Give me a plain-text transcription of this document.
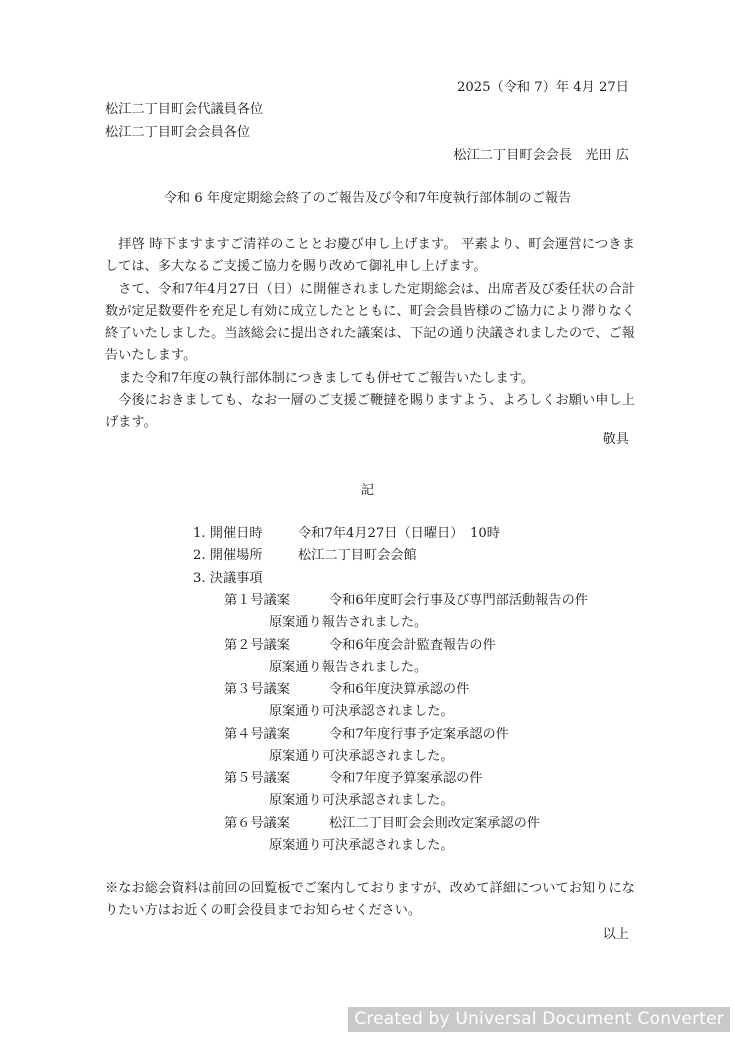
2025（令和 7）年 4月 27日
松江二丁目町会代議員各位
松江二丁目町会会員各位
松江二丁目町会会長　光田 広
令和 6 年度定期総会終了のご報告及び令和7年度執行部体制のご報告

拝啓 時下ますますご清祥のこととお慶び申し上げます。 平素より、町会運営につきましては、多大なるご支援ご協力を賜り改めて御礼申し上げます。

さて、令和7年4月27日（日）に開催されました定期総会は、出席者及び委任状の合計数が定足数要件を充足し有効に成立したとともに、町会会員皆様のご協力により滞りなく終了いたしました。当該総会に提出された議案は、下記の通り決議されましたので、ご報告いたします。

また令和7年度の執行部体制につきましても併せてご報告いたします。

今後におきましても、なお一層のご支援ご鞭撻を賜りますよう、よろしくお願い申し上げます。

敬具
記
1. 開催日時	令和7年4月27日（日曜日）　10時
2. 開催場所	松江二丁目町会会館
3. 決議事項
第１号議案	令和6年度町会行事及び専門部活動報告の件
原案通り報告されました。
第２号議案	令和6年度会計監査報告の件
原案通り報告されました。
第３号議案	令和6年度決算承認の件
原案通り可決承認されました。
第４号議案	令和7年度行事予定案承認の件
原案通り可決承認されました。
第５号議案	令和7年度予算案承認の件
原案通り可決承認されました。
第６号議案	松江二丁目町会会則改定案承認の件
原案通り可決承認されました。

※なお総会資料は前回の回覧板でご案内しておりますが、改めて詳細についてお知りになりたい方はお近くの町会役員までお知らせください。

以上
Created by Universal Document Converter
